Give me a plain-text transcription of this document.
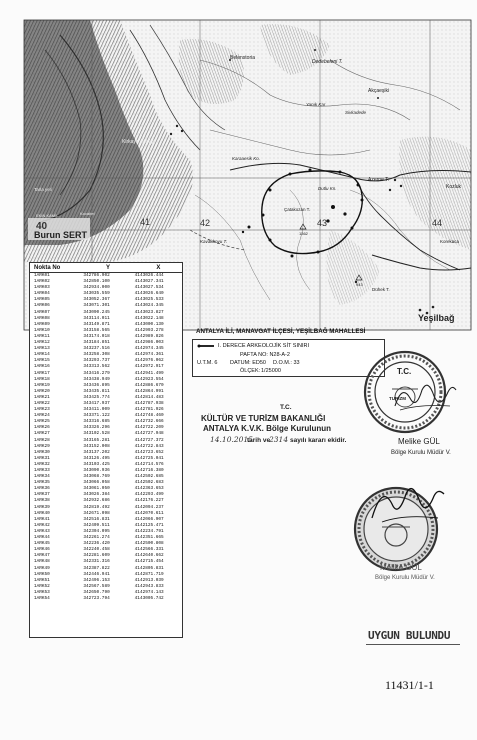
Belenstoria
Dedebeleni T.
Akçaeşiki
Sivkadede
Yanık Kar
Kirkayo Aralığı
Tarla yeri
Burun SERT
EKİN KAMİL	Kocabel
Azerne T.
Karaaesik Ko.
Dutlu Kn.
Çatakozan T.
Kozluk
Kavakboyu T.
Dühek T.
Yeşilbağ
Korekaca
1362
943
40	41	42	43	44
Nokta No	Y	X
1ARK01	342786.902	4143026.444
1ARK02	342850.100	4143027.341
1ARK03	342934.000	4143027.534
1ARK04	343035.559	4143026.640
1ARK05	343052.367	4143025.533
1ARK06	343071.301	4143024.345
1ARK07	343090.245	4143023.827
1ARK08	343114.011	4143022.148
1ARK09	343149.871	4143000.130
1ARK10	343158.565	4142993.278
1ARK11	343174.018	4142989.826
1ARK12	343184.851	4142986.003
1ARK13	343237.516	4142974.345
1ARK14	343258.308	4142974.361
1ARK15	343293.737	4142976.062
1ARK16	343313.562	4142972.917
1ARK17	343416.279	4142941.499
1ARK18	343438.949	4142923.554
1ARK19	343436.895	4142886.670
1ARK20	343435.811	4142864.991
1ARK21	343425.774	4142814.483
1ARK22	343417.937	4142787.938
1ARK23	343411.009	4142781.926
1ARK24	343371.122	4142748.460
1ARK25	343316.685	4142732.666
1ARK26	343326.296	4142722.209
1ARK27	343102.528	4142727.948
1ARK28	343165.281	4142727.372
1ARK29	343152.008	4142722.843
1ARK30	343137.202	4142723.652
1ARK31	343126.495	4142725.041
1ARK32	343103.425	4142714.576
1ARK33	343090.936	4142716.380
1ARK34	343068.769	4142502.685
1ARK35	343066.058	4142502.683
1ARK36	343061.050	4142363.653
1ARK37	343026.384	4142293.499
1ARK38	342932.686	4142176.227
1ARK39	342819.492	4142094.237
1ARK40	342671.098	4142070.611
1ARK41	342516.831	4142066.907
1ARK42	342409.511	4142125.471
1ARK43	342304.095	4142234.791
1ARK44	342261.274	4142351.665
1ARK45	342236.420	4142500.808
1ARK46	342240.458	4142566.331
1ARK47	342281.609	4142640.662
1ARK48	342331.316	4142715.454
1ARK49	342387.822	4142805.831
1ARK50	342446.941	4142871.719
1ARK51	342496.153	4142913.039
1ARK52	342567.589	4142943.833
1ARK53	342650.790	4142974.143
1ARK54	342723.794	4143005.742
ANTALYA İLİ, MANAVGAT İLÇESİ, YEŞİLBAĞ MAHALLESİ
I. DERECE ARKEOLOJİK SİT SINIRI
PAFTA NO: N28-A-2
U.T.M. 6 DATUM: ED50 D.O.M.: 33
ÖLÇEK: 1/25000
T.C.
KÜLTÜR VE TURİZM BAKANLIĞI
ANTALYA K.V.K. Bölge Kurulunun
14.10.2015
tarih ve
2314 sayılı kararı ekidir.
T.C.
TURİZM
Melike GÜL
Bölge Kurulu Müdür V.
Melike GÜL
Bölge Kurulu Müdür V.
UYGUN BULUNDU
11431/1-1
